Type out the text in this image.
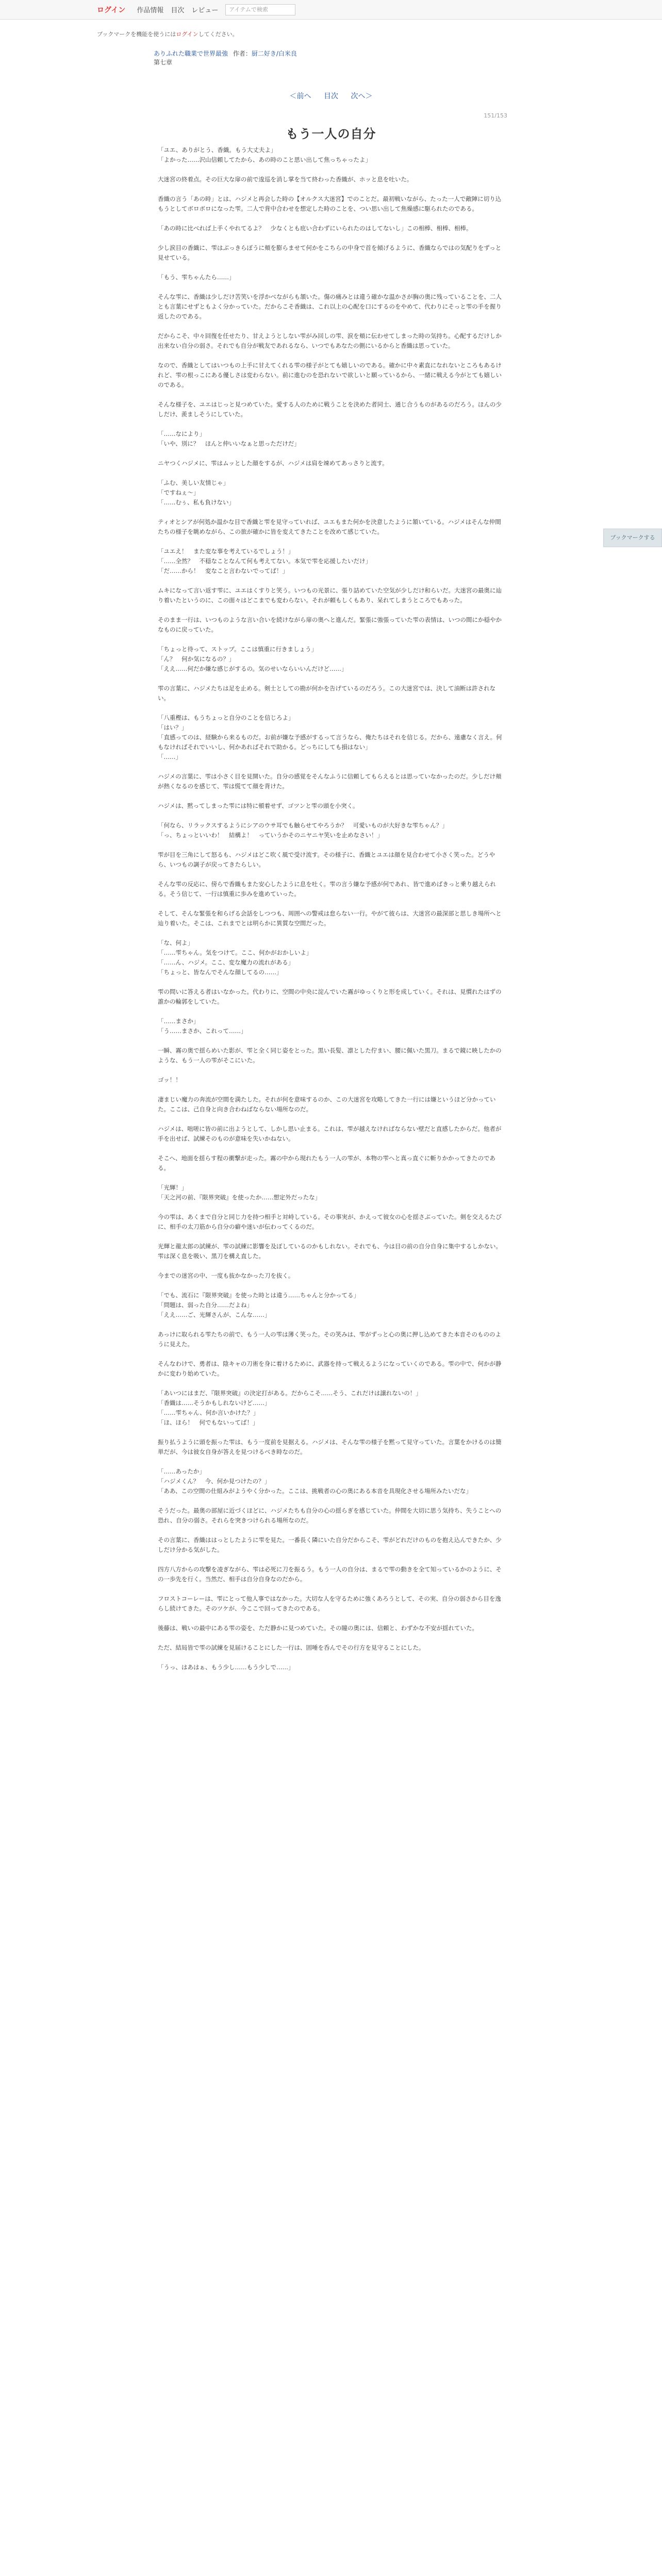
ログイン 作品情報 目次 レビュー	アイテムで検索
ブックマークを機能を使うにはログインしてください。
ありふれた職業で世界最強 作者：厨二好き/白米良
第七章
＜前へ 目次 次へ＞
151/153
もう一人の自分

「ユエ、ありがとう、香織。もう大丈夫よ」

「よかった……沢山信頼してたから、あの時のこと思い出して焦っちゃったよ」

大迷宮の終着点。その巨大な扉の前で逡巡を消し掌を当て終わった香織が、ホッと息を吐いた。

香織の言う「あの時」とは、ハジメと再会した時の【オルクス大迷宮】でのことだ。最初戦いながら、たった一人で敵陣に切り込もうとしてボロボロになった雫。二人で背中合わせを想定した時のことを、つい思い出して焦燥感に駆られたのである。

「あの時に比べれば上手くやれてるよ？　少なくとも庇い合わずにいられたのはしてないし」この相棒、相棒、相棒。

少し涙目の香織に、雫はぶっきらぼうに頬を膨らませて何かをこちらの中身で首を傾げるように、香織ならではの気配りをずっと見せている。

「もう、雫ちゃんたら……」

そんな雫に、香織は少しだけ苦笑いを浮かべながらも頷いた。傷の痛みとは違う確かな温かさが胸の奥に残っていることを、二人とも言葉にせずともよく分かっていた。だからこそ香織は、これ以上の心配を口にするのをやめて、代わりにそっと雫の手を握り返したのである。

だからこそ、中々回復を任せたり、甘えようとしない雫がみ回しの雫、涙を頬に伝わせてしまった時の気持ち。心配するだけしか出来ない自分の弱さ。それでも自分が戦友であれるなら、いつでもあなたの側にいるからと香織は思っていた。

なので、香織としてはいつもの上手に甘えてくれる雫の様子がとても嬉しいのである。確かに中々素直になれないところもあるけれど、雫の根っこにある優しさは変わらない。前に進むのを恐れないで欲しいと願っているから、一緒に戦える今がとても嬉しいのである。

そんな様子を、ユエはじっと見つめていた。愛する人のために戦うことを決めた者同士、通じ合うものがあるのだろう。ほんの少しだけ、羨ましそうにしていた。

「……なにより」

「いや、別に？　ほんと仲いいなぁと思っただけだ」

ニヤつくハジメに、雫はムッとした顔をするが、ハジメは肩を竦めてあっさりと流す。

「ふむ、美しい友情じゃ」

「ですねぇ～」

「……むぅ、私も負けない」

ティオとシアが何処か温かな目で香織と雫を見守っていれば、ユエもまた何かを決意したように頷いている。ハジメはそんな仲間たちの様子を眺めながら、この旅が確かに皆を変えてきたことを改めて感じていた。

「ユエえ！　また変な事を考えているでしょう！」

「……全然？　不穏なことなんて何も考えてない。本気で雫を応援したいだけ」

「だ……から！　変なこと言わないでってば！」

ムキになって言い返す雫に、ユエはくすりと笑う。いつもの光景に、張り詰めていた空気が少しだけ和らいだ。大迷宮の最奥に辿り着いたというのに、この面々はどこまでも変わらない。それが頼もしくもあり、呆れてしまうところでもあった。

そのまま一行は、いつものような言い合いを続けながら扉の奥へと進んだ。緊張に強張っていた雫の表情は、いつの間にか穏やかなものに戻っていた。

「ちょっと待って、ストップ。ここは慎重に行きましょう」

「ん？　何か気になるの？」

「ええ……何だか嫌な感じがするの。気のせいならいいんだけど……」

雫の言葉に、ハジメたちは足を止める。剣士としての勘が何かを告げているのだろう。この大迷宮では、決して油断は許されない。

「八重樫は、もうちょっと自分のことを信じろよ」

「はい？」

「直感ってのは、経験から来るものだ。お前が嫌な予感がするって言うなら、俺たちはそれを信じる。だから、遠慮なく言え。何もなければそれでいいし、何かあればそれで助かる。どっちにしても損はない」

「……」

ハジメの言葉に、雫は小さく目を見開いた。自分の感覚をそんなふうに信頼してもらえるとは思っていなかったのだ。少しだけ頬が熱くなるのを感じて、雫は慌てて顔を背けた。

ハジメは、黙ってしまった雫には特に頓着せず、ゴツンと雫の頭を小突く。

「何なら、リラックスするようにシアのウサ耳でも触らせてやろうか？　可愛いものが大好きな雫ちゃん？」

「っ、ちょっといいわ！　結構よ！　っていうかそのニヤニヤ笑いを止めなさい！」

雫が目を三角にして怒るも、ハジメはどこ吹く風で受け流す。その様子に、香織とユエは顔を見合わせて小さく笑った。どうやら、いつもの調子が戻ってきたらしい。

そんな雫の反応に、傍らで香織もまた安心したように息を吐く。雫の言う嫌な予感が何であれ、皆で進めばきっと乗り越えられる。そう信じて、一行は慎重に歩みを進めていった。

そして、そんな緊張を和らげる会話をしつつも、周囲への警戒は怠らない一行。やがて彼らは、大迷宮の最深部と思しき場所へと辿り着いた。そこは、これまでとは明らかに異質な空間だった。

「な、何よ」

「……雫ちゃん。気をつけて。ここ、何かがおかしいよ」

「……ん、ハジメ。ここ、変な魔力の流れがある」

「ちょっと、皆なんでそんな顔してるの……」

雫の問いに答える者はいなかった。代わりに、空間の中央に淀んでいた霧がゆっくりと形を成していく。それは、見慣れたはずの誰かの輪郭をしていた。

「……まさか」

「う……まさか、これって……」

一瞬、霧の奥で揺らめいた影が、雫と全く同じ姿をとった。黒い長髪、凛とした佇まい、腰に佩いた黒刀。まるで鏡に映したかのような、もう一人の雫がそこにいた。

ゴッ！！

凄まじい魔力の奔流が空間を満たした。それが何を意味するのか、この大迷宮を攻略してきた一行には嫌というほど分かっていた。ここは、己自身と向き合わねばならない場所なのだ。

ハジメは、咄嗟に皆の前に出ようとして、しかし思い止まる。これは、雫が越えなければならない壁だと直感したからだ。他者が手を出せば、試練そのものが意味を失いかねない。

そこへ、地面を揺らす程の衝撃が走った。霧の中から現れたもう一人の雫が、本物の雫へと真っ直ぐに斬りかかってきたのである。

「光輝！」

「天之河の前、『限界突破』を使ったか……想定外だったな」

今の雫は、あくまで自分と同じ力を持つ相手と対峙している。その事実が、かえって彼女の心を揺さぶっていた。剣を交えるたびに、相手の太刀筋から自分の癖や迷いが伝わってくるのだ。

光輝と龍太郎の試練が、雫の試練に影響を及ぼしているのかもしれない。それでも、今は目の前の自分自身に集中するしかない。雫は深く息を吸い、黒刀を構え直した。

今までの迷宮の中、一度も抜かなかった刀を抜く。

「でも、流石に『限界突破』を使った時とは違う……ちゃんと分かってる」

「問題は、弱った自分……だよね」

「ええ……ご、光輝さんが、こんな……」

あっけに取られる雫たちの前で、もう一人の雫は薄く笑った。その笑みは、雫がずっと心の奥に押し込めてきた本音そのもののように見えた。

そんなわけで、勇者は、陰キャの刀術を身に着けるために、武器を持って戦えるようになっていくのである。雫の中で、何かが静かに変わり始めていた。

「あいつにはまだ、『限界突破』の決定打がある。だからこそ……そう、これだけは譲れないの！」

「香織は……そうかもしれないけど……」

「……雫ちゃん、何か言いかけた？」

「ほ、ほら！　何でもないってば！」

振り払うように頭を振った雫は、もう一度前を見据える。ハジメは、そんな雫の様子を黙って見守っていた。言葉をかけるのは簡単だが、今は彼女自身が答えを見つけるべき時なのだ。

「……あったか」

「ハジメくん？　今、何か見つけたの？」

「ああ、この空間の仕組みがようやく分かった。ここは、挑戦者の心の奥にある本音を具現化させる場所みたいだな」

そうだった。最奥の部屋に近づくほどに、ハジメたちも自分の心の揺らぎを感じていた。仲間を大切に思う気持ち、失うことへの恐れ、自分の弱さ。それらを突きつけられる場所なのだ。

その言葉に、香織ははっとしたように雫を見た。一番長く隣にいた自分だからこそ、雫がどれだけのものを抱え込んできたか、少しだけ分かる気がした。

四方八方からの攻撃を凌ぎながら、雫は必死に刀を振るう。もう一人の自分は、まるで雫の動きを全て知っているかのように、その一歩先を行く。当然だ、相手は自分自身なのだから。

フロストコーレーは、雫にとって他人事ではなかった。大切な人を守るために強くあろうとして、その実、自分の弱さから目を逸らし続けてきた。そのツケが、今ここで回ってきたのである。

後藤は、戦いの最中にある雫の姿を、ただ静かに見つめていた。その瞳の奥には、信頼と、わずかな不安が揺れていた。

ただ、結局皆で雫の試練を見届けることにした一行は、固唾を呑んでその行方を見守ることにした。

「うっ、はあはぁ、もう少し……もう少しで……」

ブックマークする
